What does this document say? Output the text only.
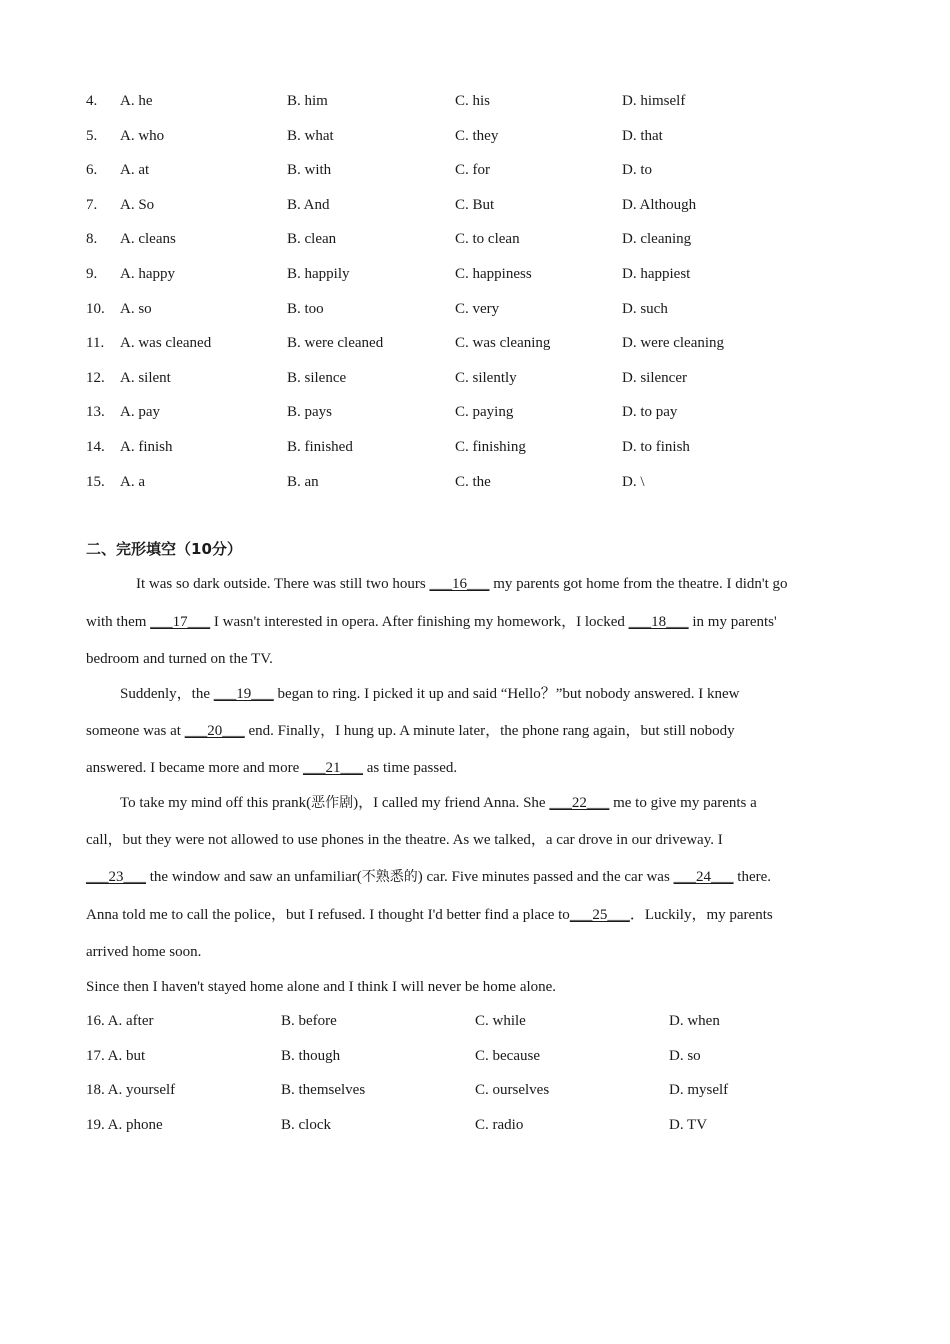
4. A. he	B. him	C. his	D. himself
5. A. who	B. what	C. they	D. that
6. A. at	B. with	C. for	D. to
7. A. So	B. And	C. But	D. Although
8. A. cleans	B. clean	C. to clean	D. cleaning
9. A. happy	B. happily	C. happiness	D. happiest
10. A. so	B. too	C. very	D. such
11. A. was cleaned	B. were cleaned	C. was cleaning	D. were cleaning
12. A. silent	B. silence	C. silently	D. silencer
13. A. pay	B. pays	C. paying	D. to pay
14. A. finish	B. finished	C. finishing	D. to finish
15. A. a	B. an	C. the	D. \
二、完形填空（10分）
It was so dark outside. There was still two hours ___16___ my parents got home from the theatre. I didn't go
with them ___17___ I wasn't interested in opera. After finishing my homework，I locked ___18___ in my parents'
bedroom and turned on the TV.
Suddenly，the ___19___ began to ring. I picked it up and said “Hello？”but nobody answered. I knew
someone was at ___20___ end. Finally，I hung up. A minute later，the phone rang again，but still nobody
answered. I became more and more ___21___ as time passed.
To take my mind off this prank(恶作剧)，I called my friend Anna. She ___22___ me to give my parents a
call，but they were not allowed to use phones in the theatre. As we talked，a car drove in our driveway. I
___23___ the window and saw an unfamiliar(不熟悉的) car. Five minutes passed and the car was ___24___ there.
Anna told me to call the police，but I refused. I thought I'd better find a place to___25___．Luckily，my parents
arrived home soon.
Since then I haven't stayed home alone and I think I will never be home alone.
16. A. after	B. before	C. while	D. when
17. A. but	B. though	C. because	D. so
18. A. yourself	B. themselves	C. ourselves	D. myself
19. A. phone	B. clock	C. radio	D. TV
